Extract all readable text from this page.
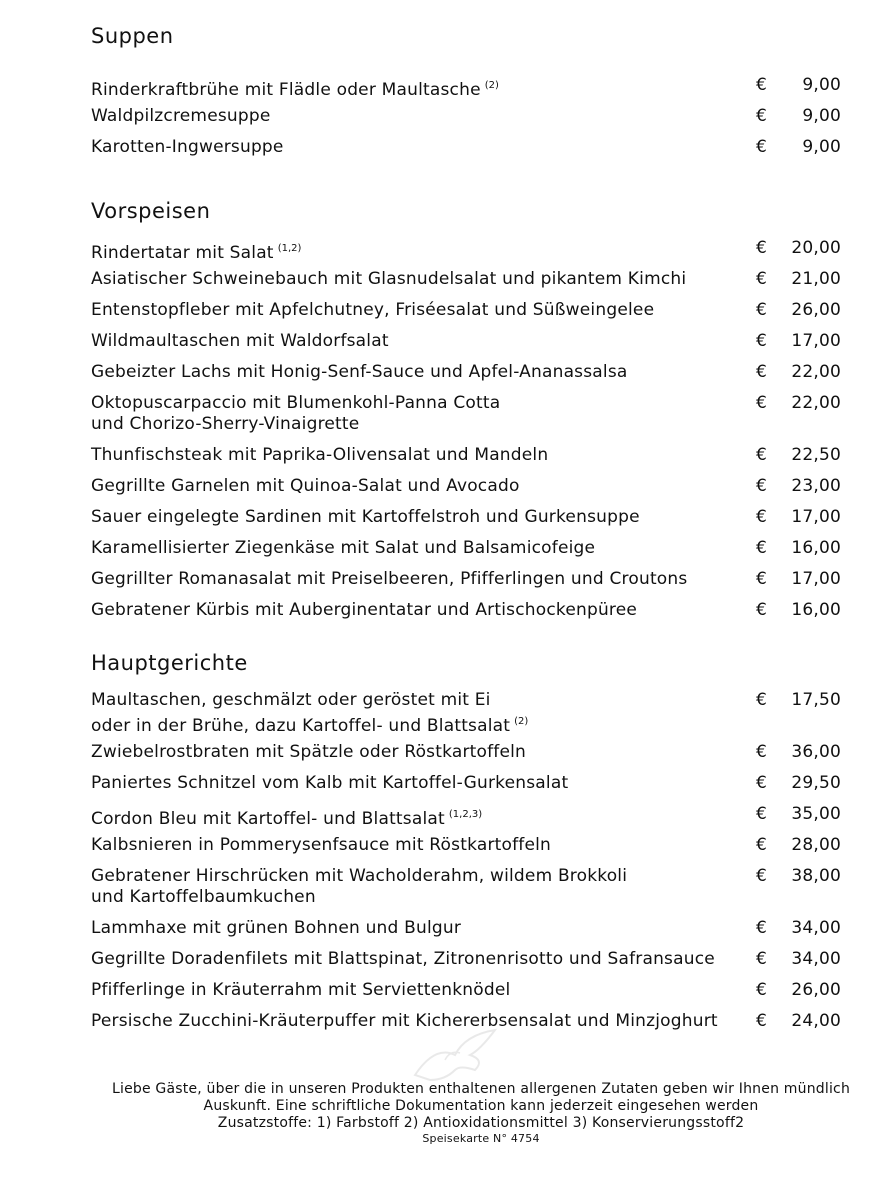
Suppen
Rinderkraftbrühe mit Flädle oder Maultasche $^{(2)}$	€	9,00
Waldpilzcremesuppe	€	9,00
Karotten-Ingwersuppe	€	9,00
Vorspeisen
Rindertatar mit Salat $^{(1,2)}$	€	20,00
Asiatischer Schweinebauch mit Glasnudelsalat und pikantem Kimchi	€	21,00
Entenstopfleber mit Apfelchutney, Friséesalat und Süßweingelee	€	26,00
Wildmaultaschen mit Waldorfsalat	€	17,00
Gebeizter Lachs mit Honig-Senf-Sauce und Apfel-Ananassalsa	€	22,00
Oktopuscarpaccio mit Blumenkohl-Panna Cotta
und Chorizo-Sherry-Vinaigrette
€	22,00
Thunfischsteak mit Paprika-Olivensalat und Mandeln	€	22,50
Gegrillte Garnelen mit Quinoa-Salat und Avocado	€	23,00
Sauer eingelegte Sardinen mit Kartoffelstroh und Gurkensuppe	€	17,00
Karamellisierter Ziegenkäse mit Salat und Balsamicofeige	€	16,00
Gegrillter Romanasalat mit Preiselbeeren, Pfifferlingen und Croutons	€	17,00
Gebratener Kürbis mit Auberginentatar und Artischockenpüree	€	16,00
Hauptgerichte
Maultaschen, geschmälzt oder geröstet mit Ei
oder in der Brühe, dazu Kartoffel- und Blattsalat $^{(2)}$
€	17,50
Zwiebelrostbraten mit Spätzle oder Röstkartoffeln	€	36,00
Paniertes Schnitzel vom Kalb mit Kartoffel-Gurkensalat	€	29,50
Cordon Bleu mit Kartoffel- und Blattsalat $^{(1,2,3)}$	€	35,00
Kalbsnieren in Pommerysenfsauce mit Röstkartoffeln	€	28,00
Gebratener Hirschrücken mit Wacholderahm, wildem Brokkoli
und Kartoffelbaumkuchen
€	38,00
Lammhaxe mit grünen Bohnen und Bulgur	€	34,00
Gegrillte Doradenfilets mit Blattspinat, Zitronenrisotto und Safransauce	€	34,00
Pfifferlinge in Kräuterrahm mit Serviettenknödel	€	26,00
Persische Zucchini-Kräuterpuffer mit Kichererbsensalat und Minzjoghurt	€	24,00
Liebe Gäste, über die in unseren Produkten enthaltenen allergenen Zutaten geben wir Ihnen mündlich
Auskunft. Eine schriftliche Dokumentation kann jederzeit eingesehen werden
Zusatzstoffe: 1) Farbstoff 2) Antioxidationsmittel 3) Konservierungsstoff2
Speisekarte N° 4754
